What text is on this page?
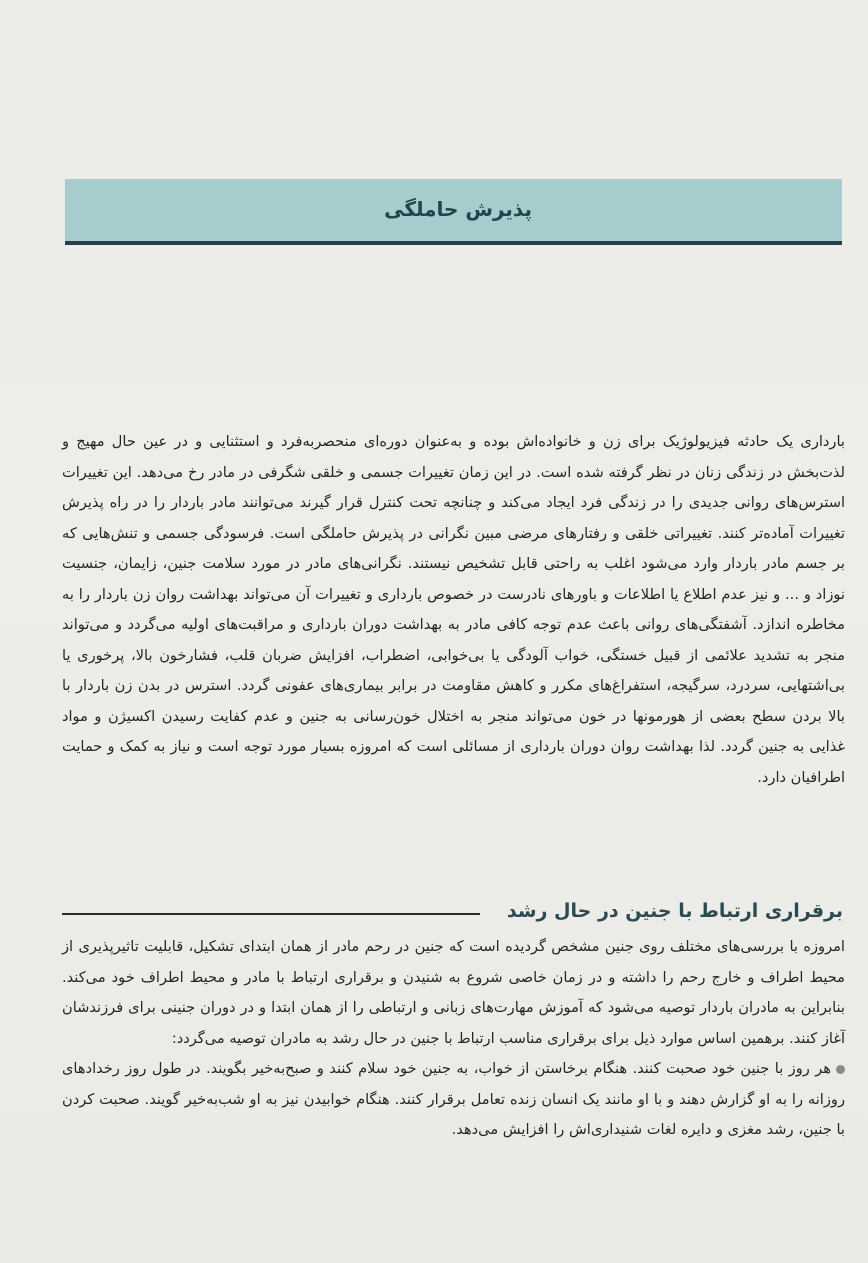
پذیرش حاملگی

بارداری یک حادثه فیزیولوژیک برای زن و خانواده‌اش بوده و به‌عنوان دوره‌ای منحصربه‌فرد و استثنایی و در عین حال مهیج و لذت‌بخش در زندگی زنان در نظر گرفته شده است. در این زمان تغییرات جسمی و خلقی شگرفی در مادر رخ می‌دهد. این تغییرات استرس‌های روانی جدیدی را در زندگی فرد ایجاد می‌کند و چنانچه تحت کنترل قرار گیرند می‌توانند مادر باردار را در راه پذیرش تغییرات آماده‌تر کنند. تغییراتی خلقی و رفتارهای مرضی مبین نگرانی در پذیرش حاملگی است. فرسودگی جسمی و تنش‌هایی که بر جسم مادر باردار وارد می‌شود اغلب به راحتی قابل تشخیص نیستند. نگرانی‌های مادر در مورد سلامت جنین، زایمان، جنسیت نوزاد و ... و نیز عدم اطلاع یا اطلاعات و باورهای نادرست در خصوص بارداری و تغییرات آن می‌تواند بهداشت روان زن باردار را به مخاطره اندازد. آشفتگی‌های روانی باعث عدم توجه کافی مادر به بهداشت دوران بارداری و مراقبت‌های اولیه می‌گردد و می‌تواند منجر به تشدید علائمی از قبیل خستگی، خواب آلودگی یا بی‌خوابی، اضطراب، افزایش ضربان قلب، فشارخون بالا، پرخوری یا بی‌اشتهایی، سردرد، سرگیجه، استفراغ‌های مکرر و کاهش مقاومت در برابر بیماری‌های عفونی گردد. استرس در بدن زن باردار با بالا بردن سطح بعضی از هورمونها در خون می‌تواند منجر به اختلال خون‌رسانی به جنین و عدم کفایت رسیدن اکسیژن و مواد غذایی به جنین گردد. لذا بهداشت روان دوران بارداری از مسائلی است که امروزه بسیار مورد توجه است و نیاز به کمک و حمایت اطرافیان دارد.

برقراری ارتباط با جنین در حال رشد

امروزه با بررسی‌های مختلف روی جنین مشخص گردیده است که جنین در رحم مادر از همان ابتدای تشکیل، قابلیت تاثیرپذیری از محیط اطراف و خارج رحم را داشته و در زمان خاصی شروع به شنیدن و برقراری ارتباط با مادر و محیط اطراف خود می‌کند. بنابراین به مادران باردار توصیه می‌شود که آموزش مهارت‌های زبانی و ارتباطی را از همان ابتدا و در دوران جنینی برای فرزندشان آغاز کنند. برهمین اساس موارد ذیل برای برقراری مناسب ارتباط با جنین در حال رشد به مادران توصیه می‌گردد:

هر روز با جنین خود صحبت کنند. هنگام برخاستن از خواب، به جنین خود سلام کنند و صبح‌به‌خیر بگویند. در طول روز رخدادهای روزانه را به او گزارش دهند و با او مانند یک انسان زنده تعامل برقرار کنند. هنگام خوابیدن نیز به او شب‌به‌خیر گویند. صحبت کردن با جنین، رشد مغزی و دایره لغات شنیداری‌اش را افزایش می‌دهد.
